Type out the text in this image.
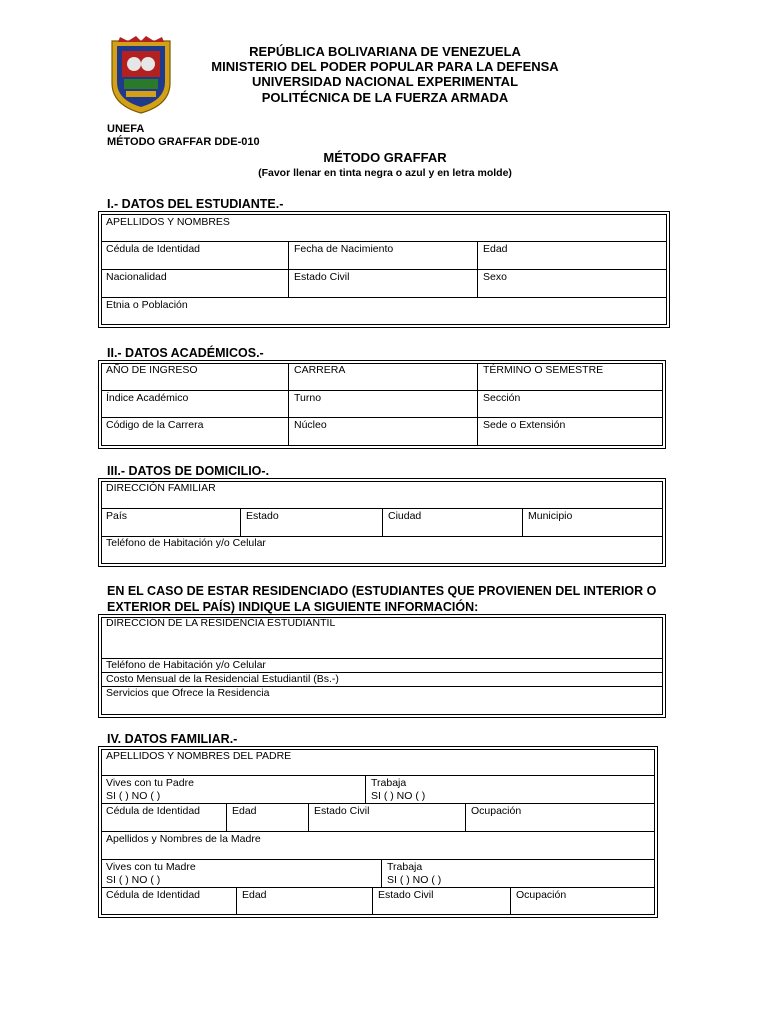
REPÚBLICA BOLIVARIANA DE VENEZUELA
MINISTERIO DEL PODER POPULAR PARA LA DEFENSA
UNIVERSIDAD NACIONAL EXPERIMENTAL
POLITÉCNICA DE LA FUERZA ARMADA
UNEFA
MÉTODO GRAFFAR DDE-010
MÉTODO GRAFFAR
(Favor llenar en tinta negra o azul y en letra molde)
I.- DATOS DEL ESTUDIANTE.-
APELLIDOS Y NOMBRES
Cédula de Identidad	Fecha de Nacimiento	Edad
Nacionalidad	Estado Civil	Sexo
Etnia o Población
II.- DATOS ACADÉMICOS.-
AÑO DE INGRESO	CARRERA	TÉRMINO O SEMESTRE
Índice Académico	Turno	Sección
Código de la Carrera	Núcleo	Sede o Extensión
III.- DATOS DE DOMICILIO-.
DIRECCIÓN FAMILIAR
País	Estado	Ciudad	Municipio
Teléfono de Habitación y/o Celular
EN EL CASO DE ESTAR RESIDENCIADO (ESTUDIANTES QUE PROVIENEN DEL INTERIOR O
EXTERIOR DEL PAÍS) INDIQUE LA SIGUIENTE INFORMACIÓN:
DIRECCIÓN DE LA RESIDENCIA ESTUDIANTIL
Teléfono de Habitación y/o Celular
Costo Mensual de la Residencial Estudiantil (Bs.-)
Servicios que Ofrece la Residencia
IV. DATOS FAMILIAR.-
APELLIDOS Y NOMBRES DEL PADRE
Vives con tu Padre
SI ( ) NO ( )
Trabaja
SI ( ) NO ( )
Cédula de Identidad	Edad	Estado Civil	Ocupación
Apellidos y Nombres de la Madre
Vives con tu Madre
SI ( ) NO ( )
Trabaja
SI ( ) NO ( )
Cédula de Identidad	Edad	Estado Civil	Ocupación
